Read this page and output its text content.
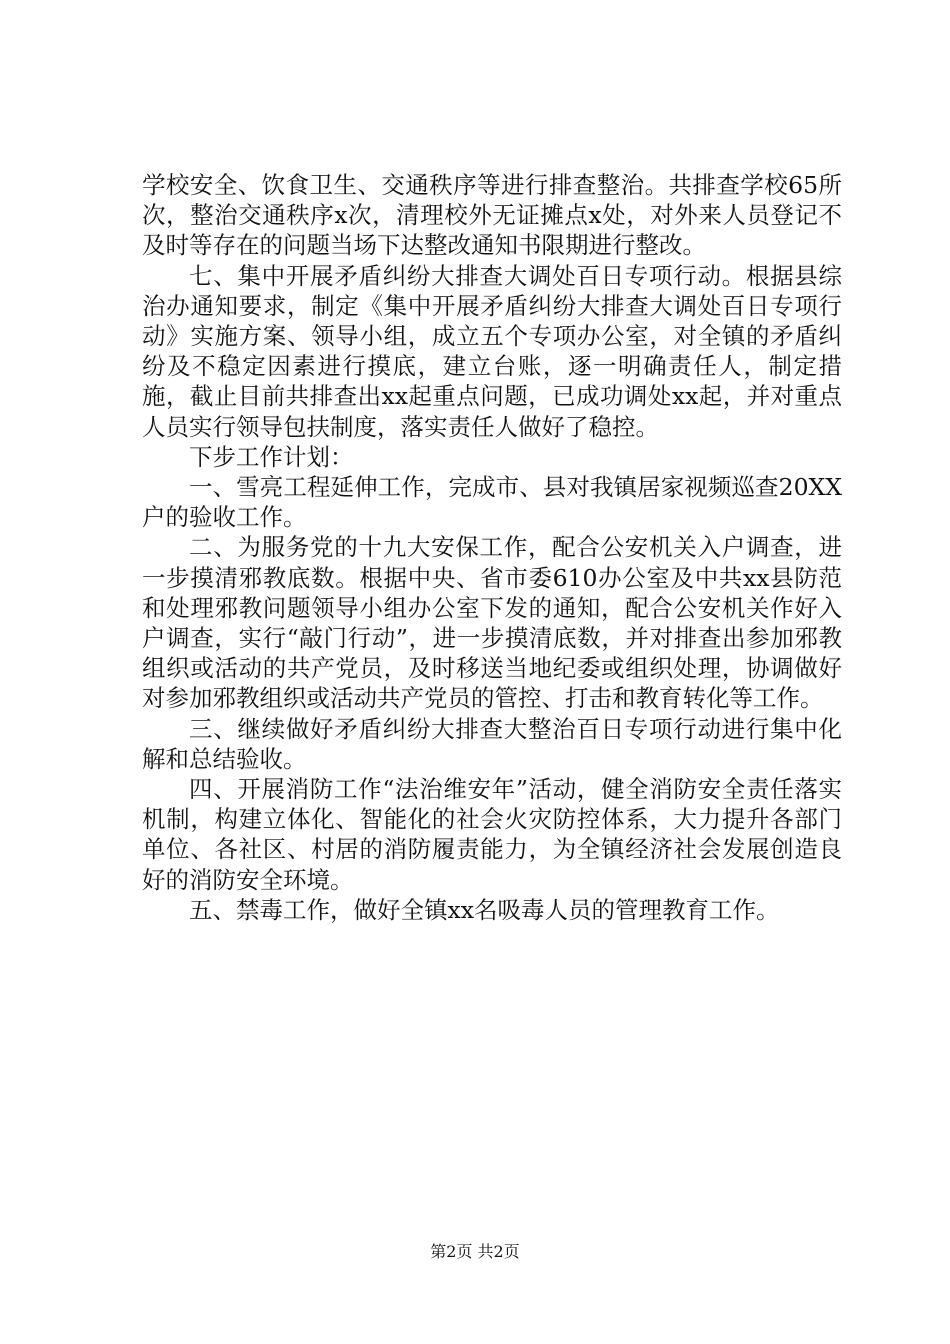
学校安全、饮食卫生、交通秩序等进行排查整治。共排查学校65所次，整治交通秩序x次，清理校外无证摊点x处，对外来人员登记不及时等存在的问题当场下达整改通知书限期进行整改。

七、集中开展矛盾纠纷大排查大调处百日专项行动。根据县综治办通知要求，制定《集中开展矛盾纠纷大排查大调处百日专项行动》实施方案、领导小组，成立五个专项办公室，对全镇的矛盾纠纷及不稳定因素进行摸底，建立台账，逐一明确责任人，制定措施，截止目前共排查出xx起重点问题，已成功调处xx起，并对重点人员实行领导包扶制度，落实责任人做好了稳控。

下步工作计划：

一、雪亮工程延伸工作，完成市、县对我镇居家视频巡查20XX户的验收工作。

二、为服务党的十九大安保工作，配合公安机关入户调查，进一步摸清邪教底数。根据中央、省市委610办公室及中共xx县防范和处理邪教问题领导小组办公室下发的通知，配合公安机关作好入户调查，实行“敲门行动”，进一步摸清底数，并对排查出参加邪教组织或活动的共产党员，及时移送当地纪委或组织处理，协调做好对参加邪教组织或活动共产党员的管控、打击和教育转化等工作。

三、继续做好矛盾纠纷大排查大整治百日专项行动进行集中化解和总结验收。

四、开展消防工作“法治维安年”活动，健全消防安全责任落实机制，构建立体化、智能化的社会火灾防控体系，大力提升各部门单位、各社区、村居的消防履责能力，为全镇经济社会发展创造良好的消防安全环境。

五、禁毒工作，做好全镇xx名吸毒人员的管理教育工作。

第2页 共2页
